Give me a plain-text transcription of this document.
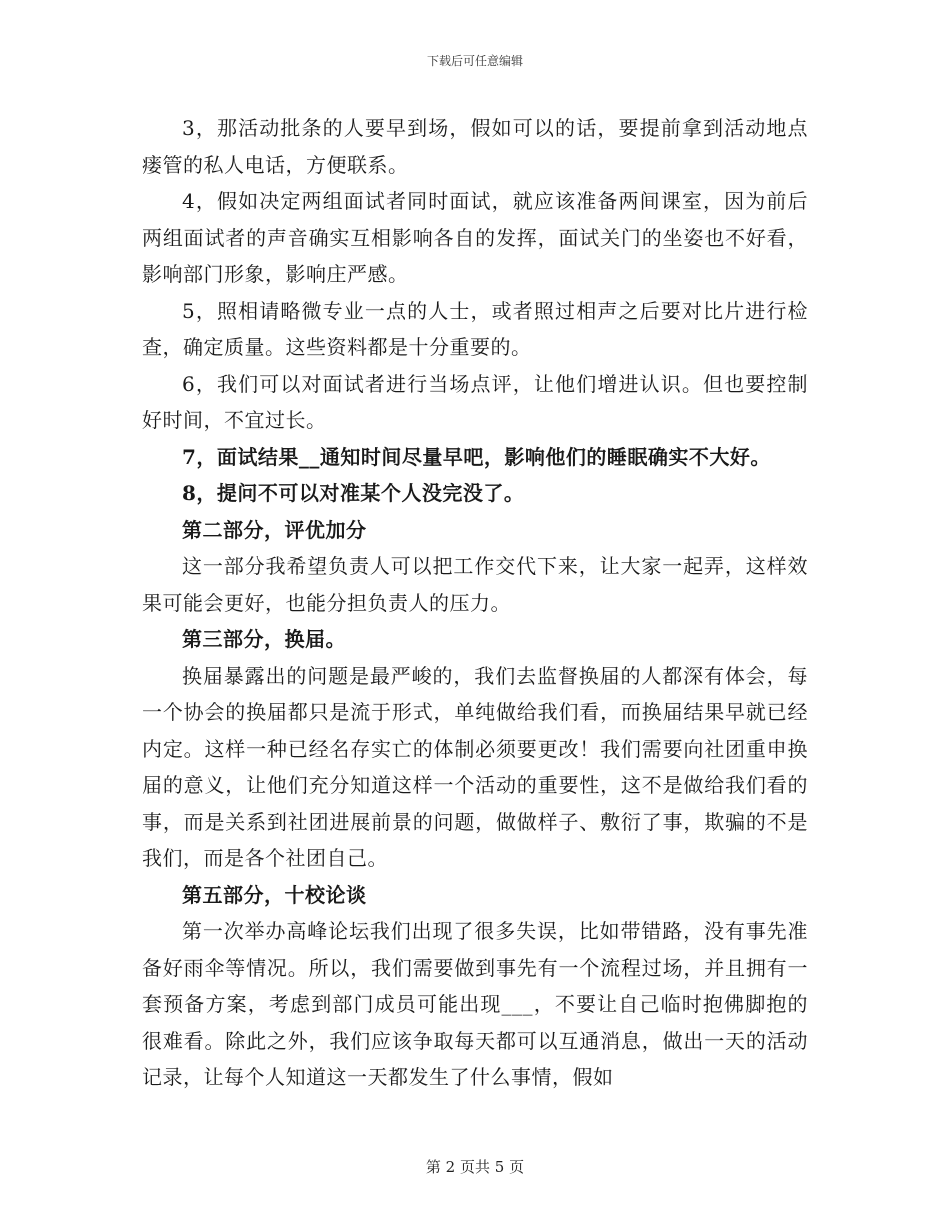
下载后可任意编辑

3，那活动批条的人要早到场，假如可以的话，要提前拿到活动地点瘘管的私人电话，方便联系。

4，假如决定两组面试者同时面试，就应该准备两间课室，因为前后两组面试者的声音确实互相影响各自的发挥，面试关门的坐姿也不好看，影响部门形象，影响庄严感。

5，照相请略微专业一点的人士，或者照过相声之后要对比片进行检查，确定质量。这些资料都是十分重要的。

6，我们可以对面试者进行当场点评，让他们增进认识。但也要控制好时间，不宜过长。

7，面试结果__通知时间尽量早吧，影响他们的睡眠确实不大好。

8，提问不可以对准某个人没完没了。

第二部分，评优加分

这一部分我希望负责人可以把工作交代下来，让大家一起弄，这样效果可能会更好，也能分担负责人的压力。

第三部分，换届。

换届暴露出的问题是最严峻的，我们去监督换届的人都深有体会，每一个协会的换届都只是流于形式，单纯做给我们看，而换届结果早就已经内定。这样一种已经名存实亡的体制必须要更改！我们需要向社团重申换届的意义，让他们充分知道这样一个活动的重要性，这不是做给我们看的事，而是关系到社团进展前景的问题，做做样子、敷衍了事，欺骗的不是我们，而是各个社团自己。

第五部分，十校论谈

第一次举办高峰论坛我们出现了很多失误，比如带错路，没有事先准备好雨伞等情况。所以，我们需要做到事先有一个流程过场，并且拥有一套预备方案，考虑到部门成员可能出现___，不要让自己临时抱佛脚抱的很难看。除此之外，我们应该争取每天都可以互通消息，做出一天的活动记录，让每个人知道这一天都发生了什么事情，假如

第 2 页共 5 页
